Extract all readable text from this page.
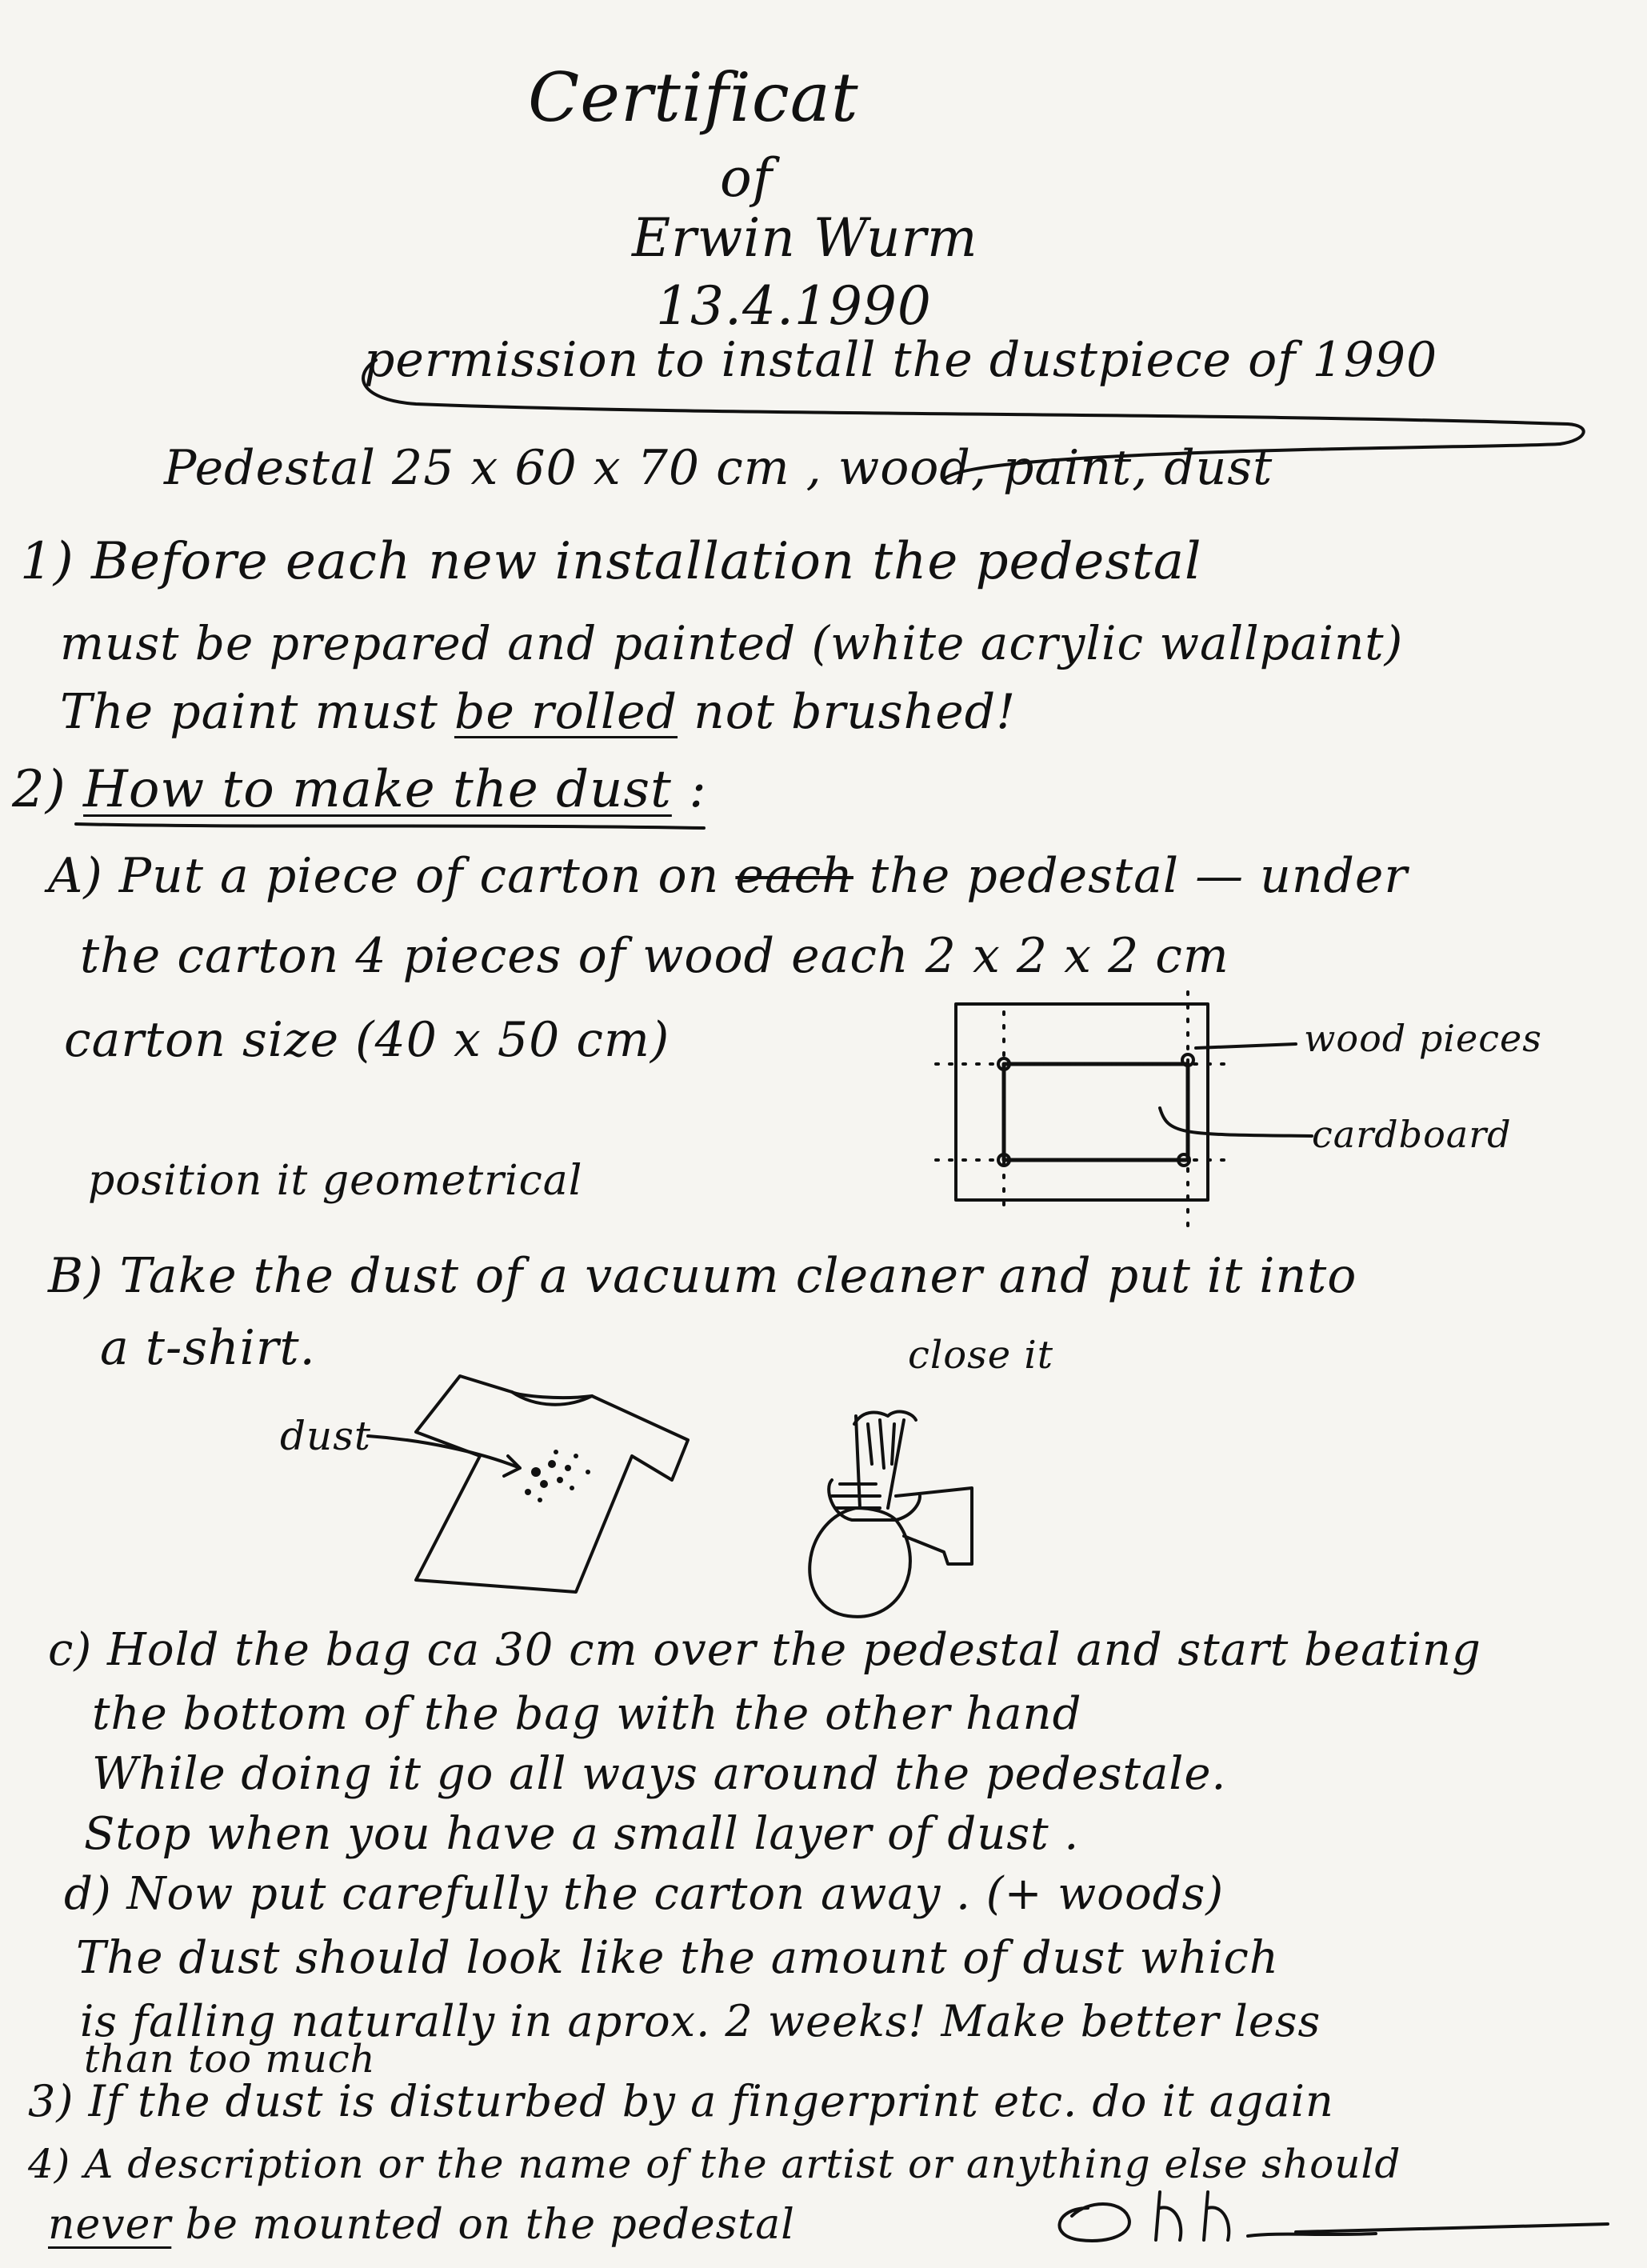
Certificat
of
Erwin Wurm
13.4.1990
permission to install the dustpiece of 1990
Pedestal 25 x 60 x 70 cm , wood, paint, dust
1) Before each new installation the pedestal
must be prepared and painted (white acrylic wallpaint)
The paint must be rolled not brushed!
2) How to make the dust :
A) Put a piece of carton on each the pedestal — under
the carton 4 pieces of wood each 2 x 2 x 2 cm
carton size (40 x 50 cm)
position it geometrical
wood pieces
cardboard
B) Take the dust of a vacuum cleaner and put it into
a t-shirt.	close it
dust
c) Hold the bag ca 30 cm over the pedestal and start beating
the bottom of the bag with the other hand
While doing it go all ways around the pedestale.
Stop when you have a small layer of dust .
d) Now put carefully the carton away . (+ woods)
The dust should look like the amount of dust which
is falling naturally in aprox. 2 weeks! Make better less
than too much
3) If the dust is disturbed by a fingerprint etc. do it again
4) A description or the name of the artist or anything else should
never be mounted on the pedestal
